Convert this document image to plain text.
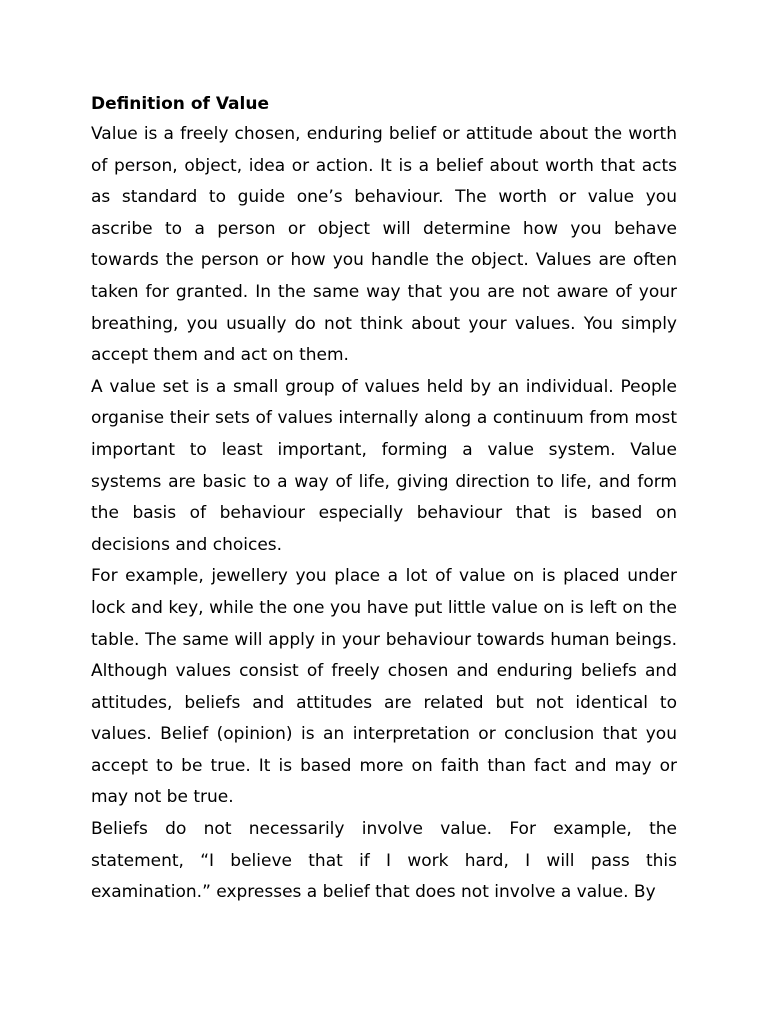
Definition of Value

Value is a freely chosen, enduring belief or attitude about the worth of person, object, idea or action. It is a belief about worth that acts as standard to guide one’s behaviour. The worth or value you ascribe to a person or object will determine how you behave towards the person or how you handle the object. Values are often taken for granted. In the same way that you are not aware of your breathing, you usually do not think about your values. You simply accept them and act on them.

A value set is a small group of values held by an individual. People organise their sets of values internally along a continuum from most important to least important, forming a value system. Value systems are basic to a way of life, giving direction to life, and form the basis of behaviour especially behaviour that is based on decisions and choices.

For example, jewellery you place a lot of value on is placed under lock and key, while the one you have put little value on is left on the table. The same will apply in your behaviour towards human beings. Although values consist of freely chosen and enduring beliefs and attitudes, beliefs and attitudes are related but not identical to values. Belief (opinion) is an interpretation or conclusion that you accept to be true. It is based more on faith than fact and may or may not be true.

Beliefs do not necessarily involve value. For example, the statement, “I believe that if I work hard, I will pass this examination.” expresses a belief that does not involve a value. By
